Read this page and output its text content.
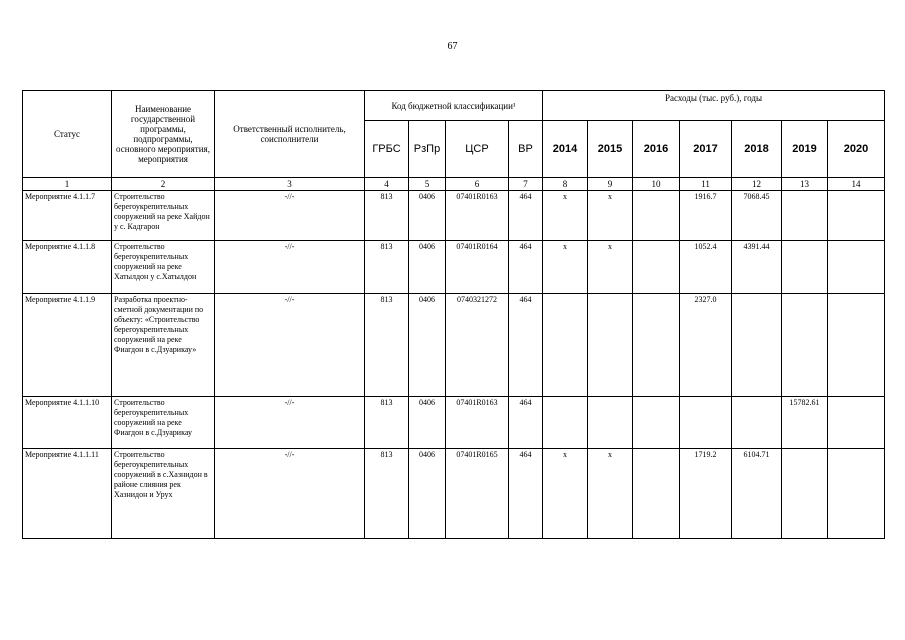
67
Статус	Наименование государственной программы, подпрограммы, основного мероприятия, мероприятия	Ответственный исполнитель, соисполнители	Код бюджетной классификации¹				Расходы (тыс. руб.), годы						
			ГРБС	РзПр	ЦСР	ВР	2014	2015	2016	2017	2018	2019	2020
1	2	3	4	5	6	7	8	9	10	11	12	13	14
Мероприятие 4.1.1.7	Строительство берегоукрепительных сооружений на реке Хайдон у с. Кадгарон	-//-	813	0406	07401R0163	464	х	х		1916.7	7068.45		
Мероприятие 4.1.1.8	Строительство берегоукрепительных сооружений на реке Хатылдон у с.Хатылдон	-//-	813	0406	07401R0164	464	х	х		1052.4	4391.44		
Мероприятие 4.1.1.9	Разработка проектно-сметной документации по объекту: «Строительство берегоукрепительных сооружений на реке Фиагдон в с.Дзуарикау»	-//-	813	0406	0740321272	464				2327.0			
Мероприятие 4.1.1.10	Строительство берегоукрепительных сооружений на реке Фиагдон в с.Дзуарикау	-//-	813	0406	07401R0163	464						15782.61	
Мероприятие 4.1.1.11	Строительство берегоукрепительных сооружений в с.Хазнидон в районе слияния рек Хазнидон и Урух	-//-	813	0406	07401R0165	464	х	х		1719.2	6104.71		
